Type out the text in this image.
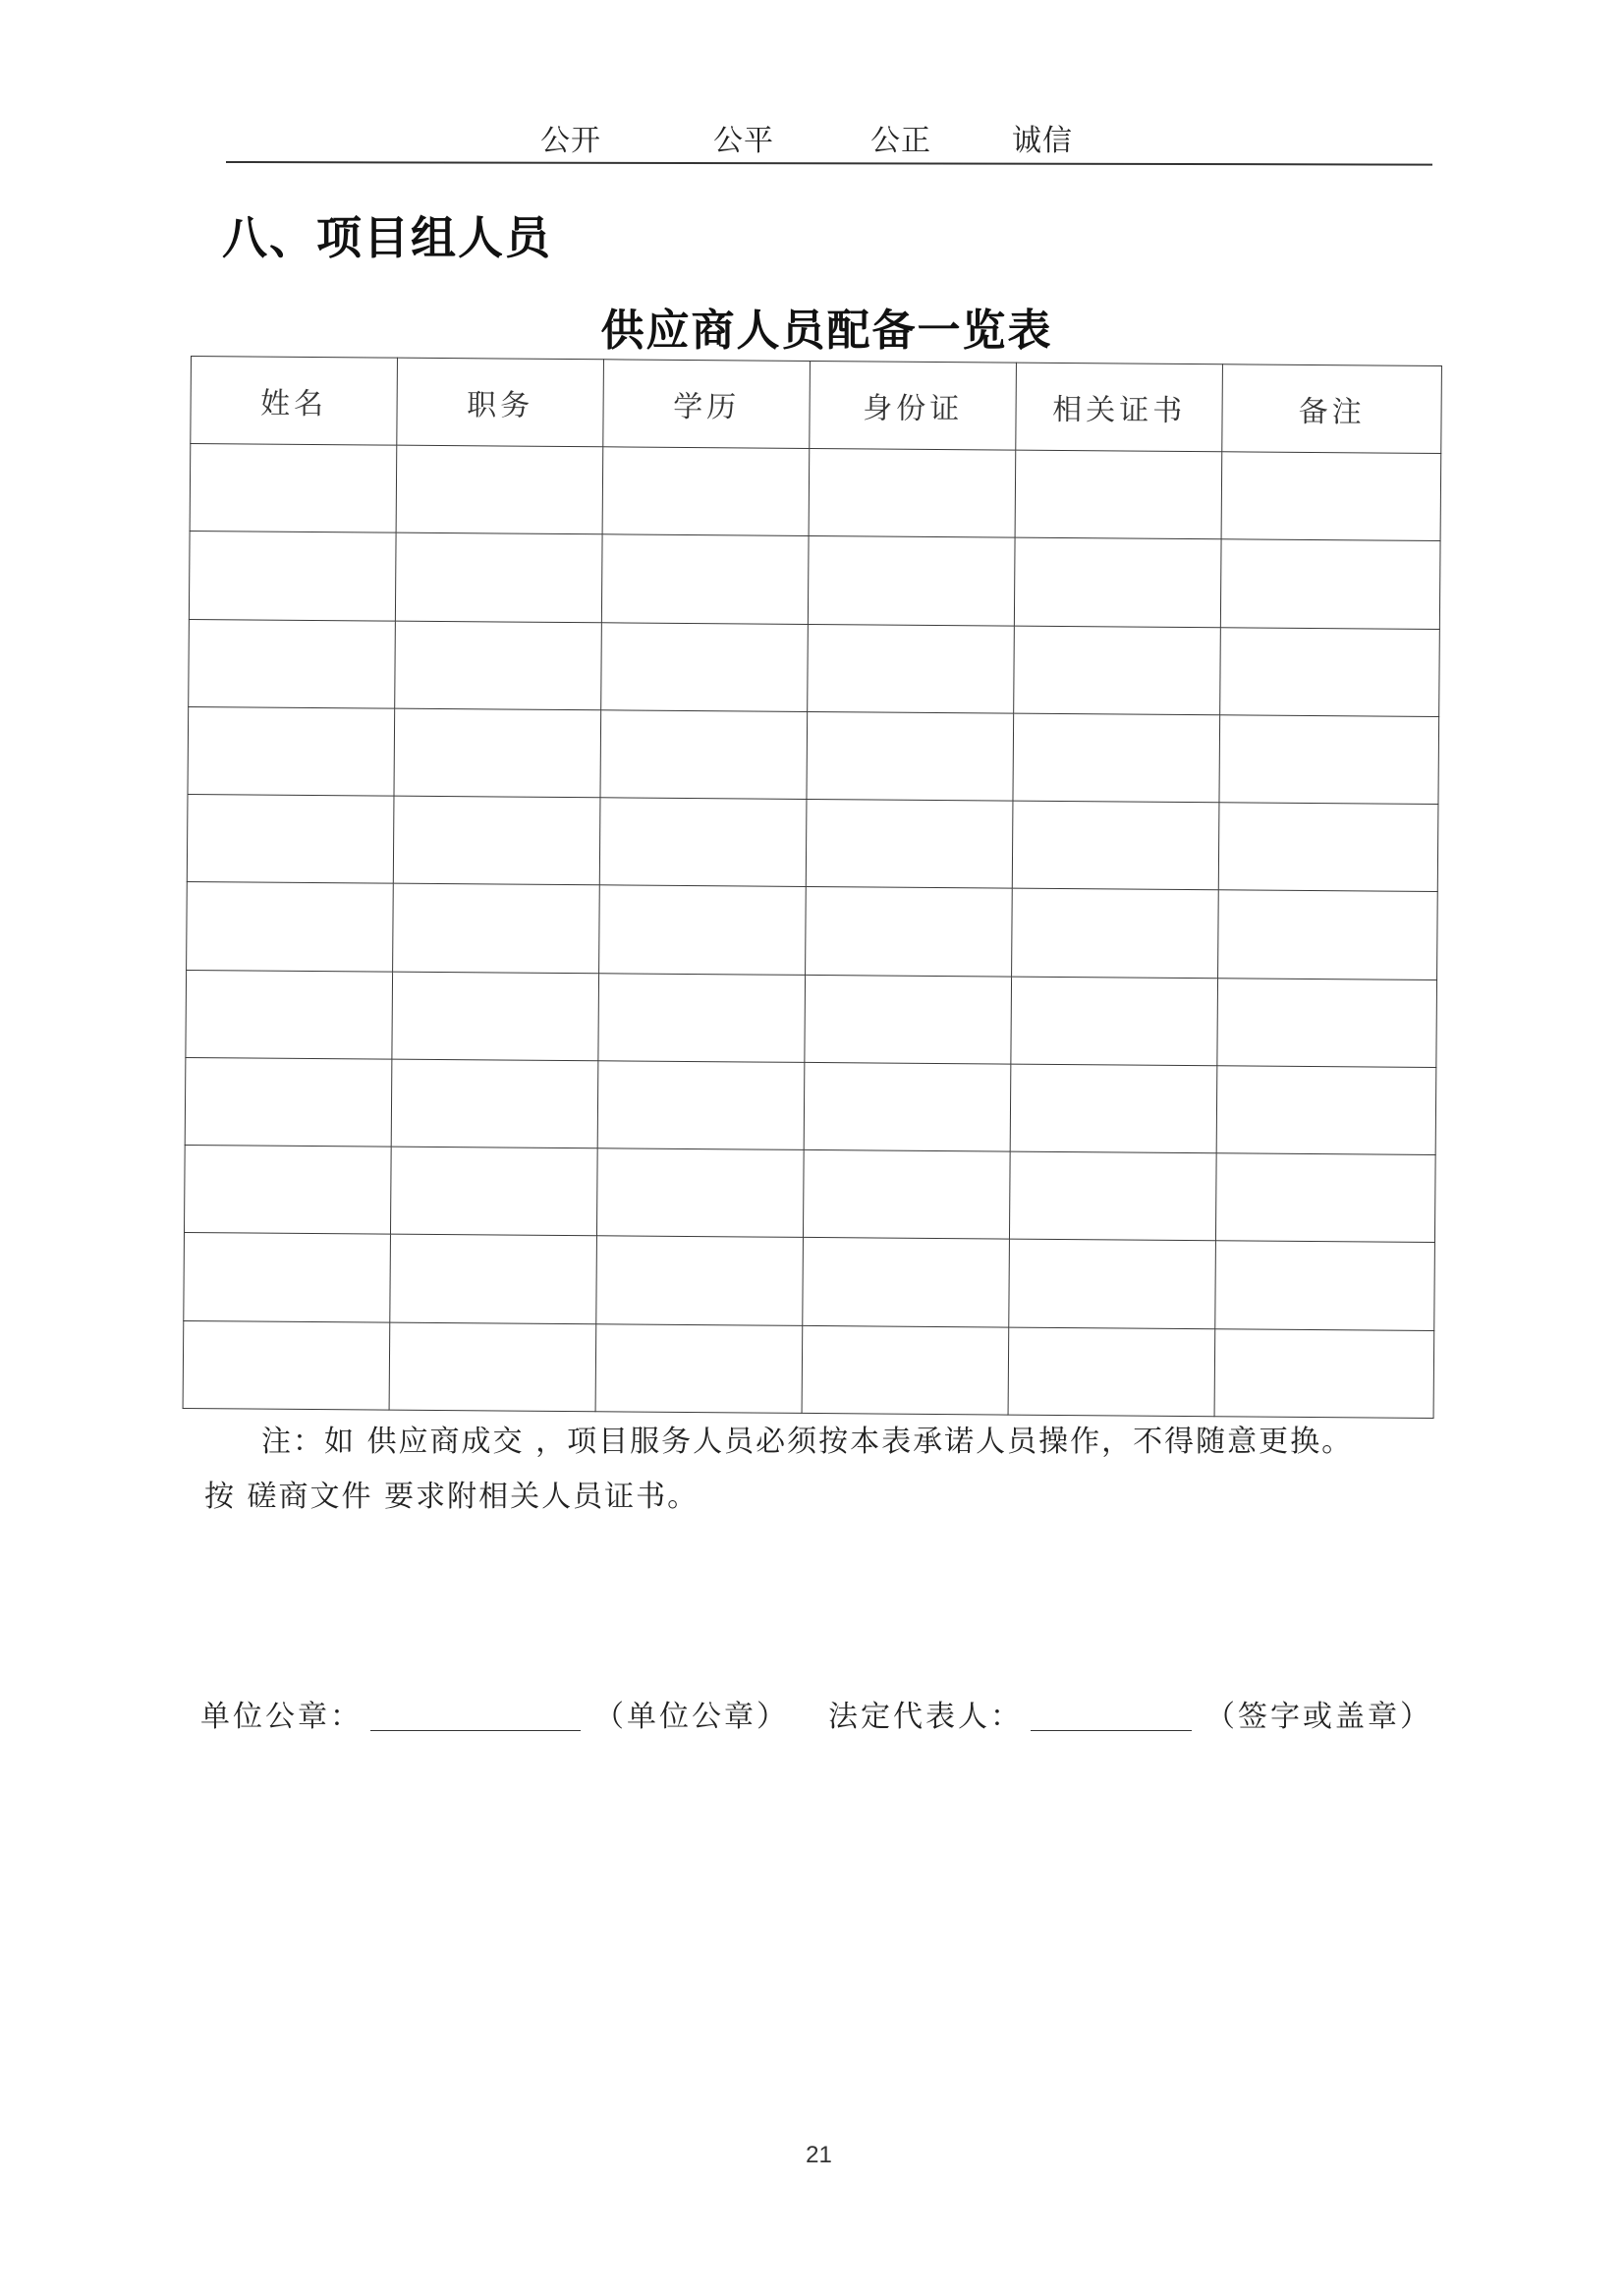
公开	公平	公正	诚信
八、项目组人员
供应商人员配备一览表
姓名	职务	学历	身份证	相关证书	备注

注：如 供应商成交 ，项目服务人员必须按本表承诺人员操作，不得随意更换。
按 磋商文件 要求附相关人员证书。
单位公章：	（单位公章） 法定代表人：	（签字或盖章）
21
